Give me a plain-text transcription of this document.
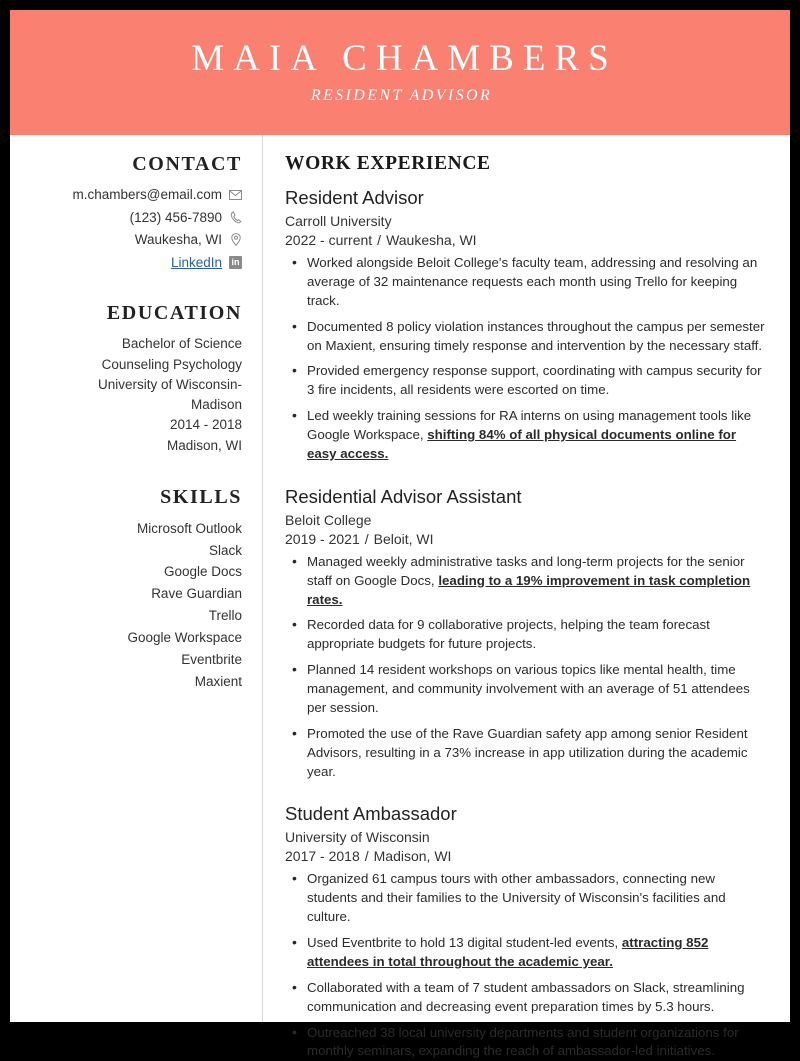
MAIA CHAMBERS
RESIDENT ADVISOR
CONTACT
m.chambers@email.com
(123) 456-7890
Waukesha, WI
LinkedIn in
EDUCATION
Bachelor of Science
Counseling Psychology
University of Wisconsin-
Madison
2014 - 2018
Madison, WI
SKILLS
Microsoft Outlook
Slack
Google Docs
Rave Guardian
Trello
Google Workspace
Eventbrite
Maxient
WORK EXPERIENCE
Resident Advisor
Carroll University
2022 - current / Waukesha, WI
• Worked alongside Beloit College's faculty team, addressing and resolving an average of 32 maintenance requests each month using Trello for keeping track.
• Documented 8 policy violation instances throughout the campus per semester on Maxient, ensuring timely response and intervention by the necessary staff.
• Provided emergency response support, coordinating with campus security for 3 fire incidents, all residents were escorted on time.
• Led weekly training sessions for RA interns on using management tools like Google Workspace, shifting 84% of all physical documents online for easy access.
Residential Advisor Assistant
Beloit College
2019 - 2021 / Beloit, WI
• Managed weekly administrative tasks and long-term projects for the senior staff on Google Docs, leading to a 19% improvement in task completion rates.
• Recorded data for 9 collaborative projects, helping the team forecast appropriate budgets for future projects.
• Planned 14 resident workshops on various topics like mental health, time management, and community involvement with an average of 51 attendees per session.
• Promoted the use of the Rave Guardian safety app among senior Resident Advisors, resulting in a 73% increase in app utilization during the academic year.
Student Ambassador
University of Wisconsin
2017 - 2018 / Madison, WI
• Organized 61 campus tours with other ambassadors, connecting new students and their families to the University of Wisconsin's facilities and culture.
• Used Eventbrite to hold 13 digital student-led events, attracting 852 attendees in total throughout the academic year.
• Collaborated with a team of 7 student ambassadors on Slack, streamlining communication and decreasing event preparation times by 5.3 hours.
• Outreached 38 local university departments and student organizations for monthly seminars, expanding the reach of ambassador-led initiatives.
